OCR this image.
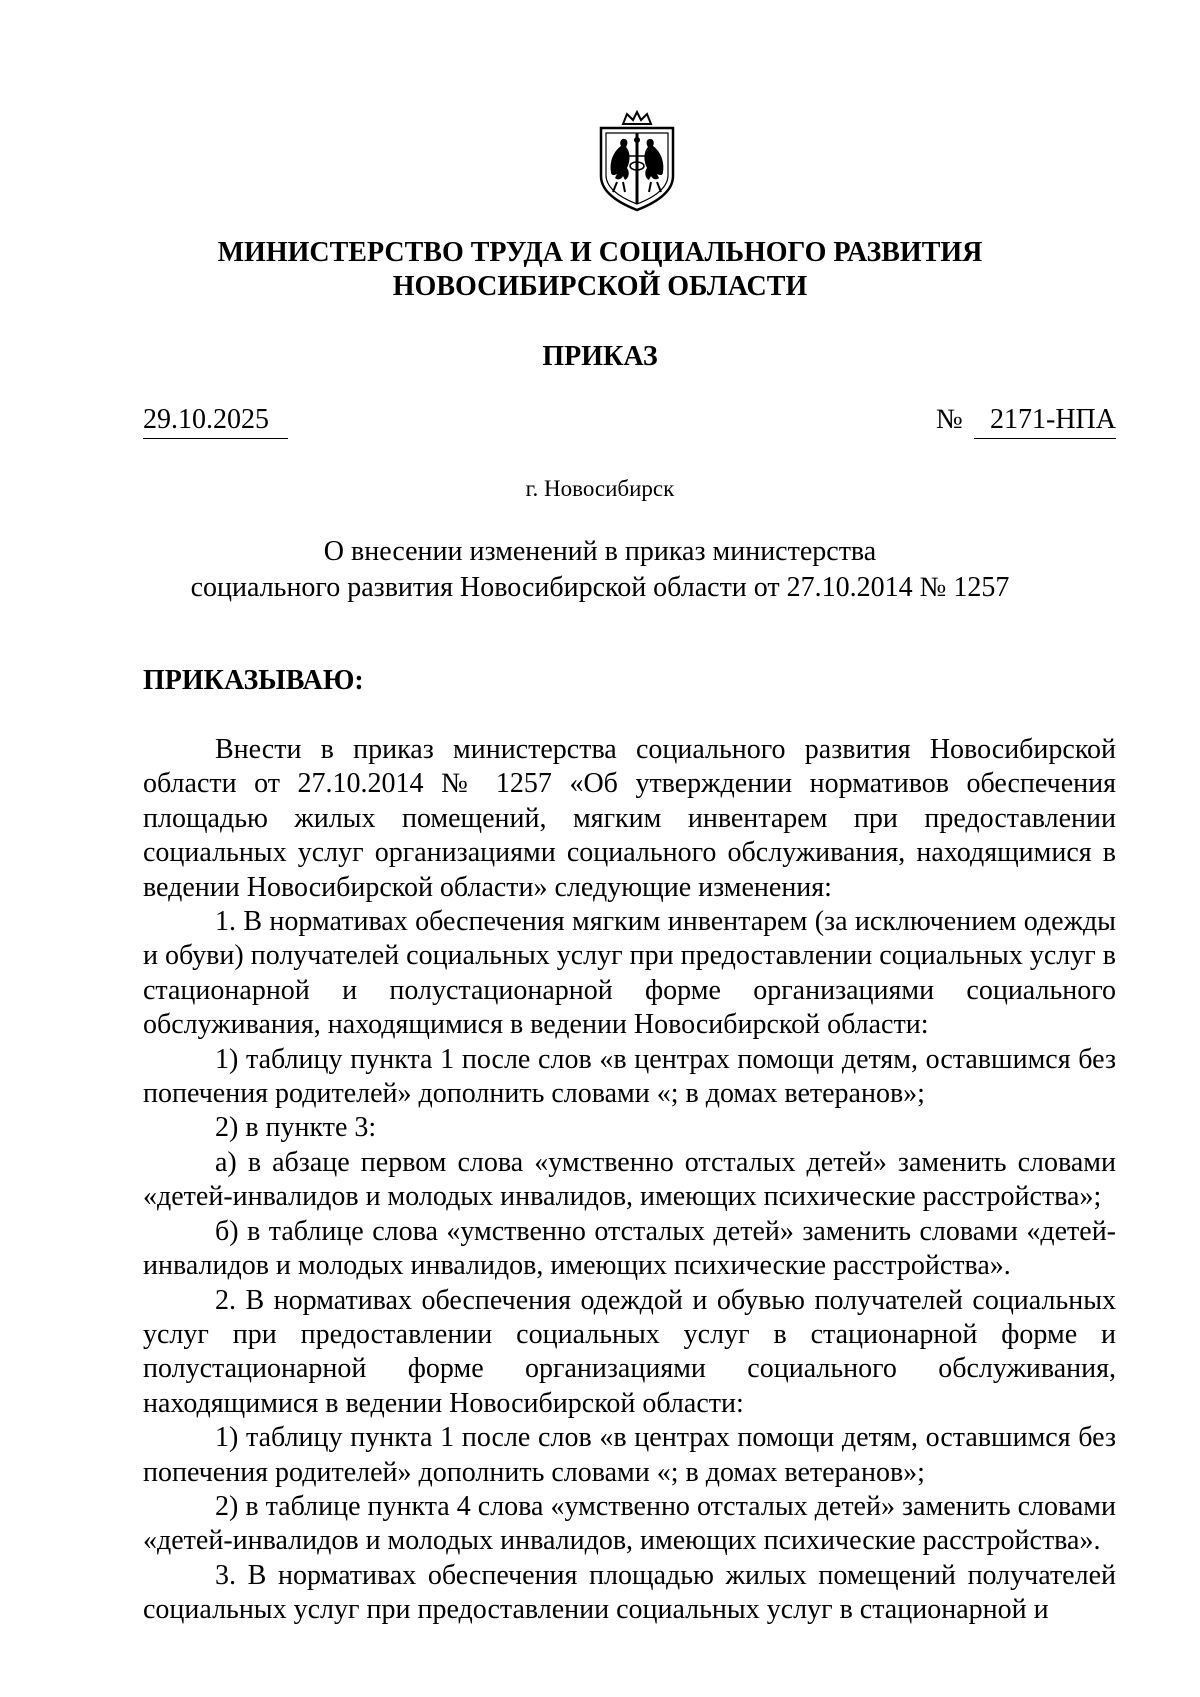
МИНИСТЕРСТВО ТРУДА И СОЦИАЛЬНОГО РАЗВИТИЯ
НОВОСИБИРСКОЙ ОБЛАСТИ
ПРИКАЗ
29.10.2025	№ 2171-НПА
г. Новосибирск
О внесении изменений в приказ министерства
социального развития Новосибирской области от 27.10.2014 № 1257
ПРИКАЗЫВАЮ:

Внести в приказ министерства социального развития Новосибирской области от 27.10.2014 № 1257 «Об утверждении нормативов обеспечения площадью жилых помещений, мягким инвентарем при предоставлении социальных услуг организациями социального обслуживания, находящимися в ведении Новосибирской области» следующие изменения:

1. В нормативах обеспечения мягким инвентарем (за исключением одежды и обуви) получателей социальных услуг при предоставлении социальных услуг в стационарной и полустационарной форме организациями социального обслуживания, находящимися в ведении Новосибирской области:

1) таблицу пункта 1 после слов «в центрах помощи детям, оставшимся без попечения родителей» дополнить словами «; в домах ветеранов»;

2) в пункте 3:

а) в абзаце первом слова «умственно отсталых детей» заменить словами «детей-инвалидов и молодых инвалидов, имеющих психические расстройства»;

б) в таблице слова «умственно отсталых детей» заменить словами «детей-инвалидов и молодых инвалидов, имеющих психические расстройства».

2. В нормативах обеспечения одеждой и обувью получателей социальных услуг при предоставлении социальных услуг в стационарной форме и полустационарной форме организациями социального обслуживания, находящимися в ведении Новосибирской области:

1) таблицу пункта 1 после слов «в центрах помощи детям, оставшимся без попечения родителей» дополнить словами «; в домах ветеранов»;

2) в таблице пункта 4 слова «умственно отсталых детей» заменить словами «детей-инвалидов и молодых инвалидов, имеющих психические расстройства».

3. В нормативах обеспечения площадью жилых помещений получателей социальных услуг при предоставлении социальных услуг в стационарной и
